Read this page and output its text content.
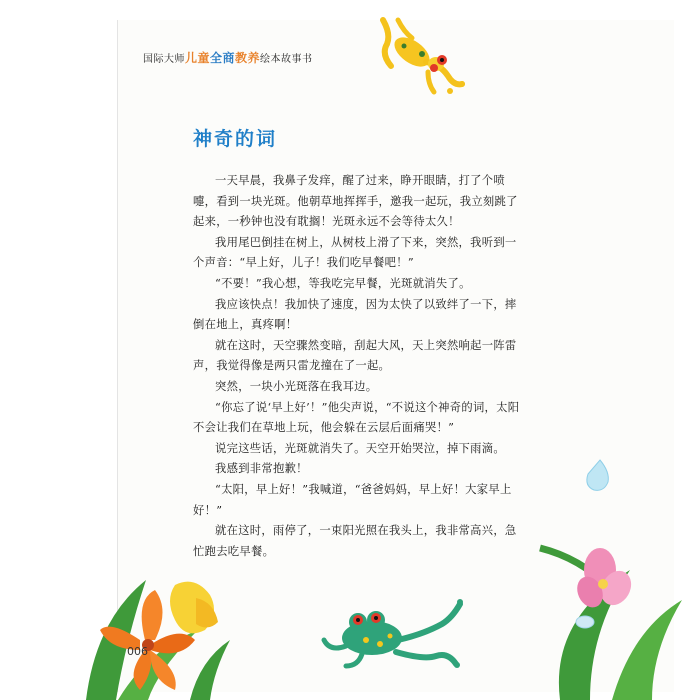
国际大师儿童全商教养绘本故事书
神奇的词

一天早晨，我鼻子发痒，醒了过来，睁开眼睛，打了个喷嚏，看到一块光斑。他朝草地挥挥手，邀我一起玩，我立刻跳了起来，一秒钟也没有耽搁！光斑永远不会等待太久！

我用尾巴倒挂在树上，从树枝上滑了下来，突然，我听到一个声音：“早上好，儿子！我们吃早餐吧！”

“不要！”我心想，等我吃完早餐，光斑就消失了。

我应该快点！我加快了速度，因为太快了以致绊了一下，摔倒在地上，真疼啊！

就在这时，天空骤然变暗，刮起大风，天上突然响起一阵雷声，我觉得像是两只雷龙撞在了一起。

突然，一块小光斑落在我耳边。

“你忘了说‘早上好’！”他尖声说，“不说这个神奇的词，太阳不会让我们在草地上玩，他会躲在云层后面痛哭！”

说完这些话，光斑就消失了。天空开始哭泣，掉下雨滴。

我感到非常抱歉！

“太阳，早上好！”我喊道，“爸爸妈妈，早上好！大家早上好！”

就在这时，雨停了，一束阳光照在我头上，我非常高兴，急忙跑去吃早餐。

006
